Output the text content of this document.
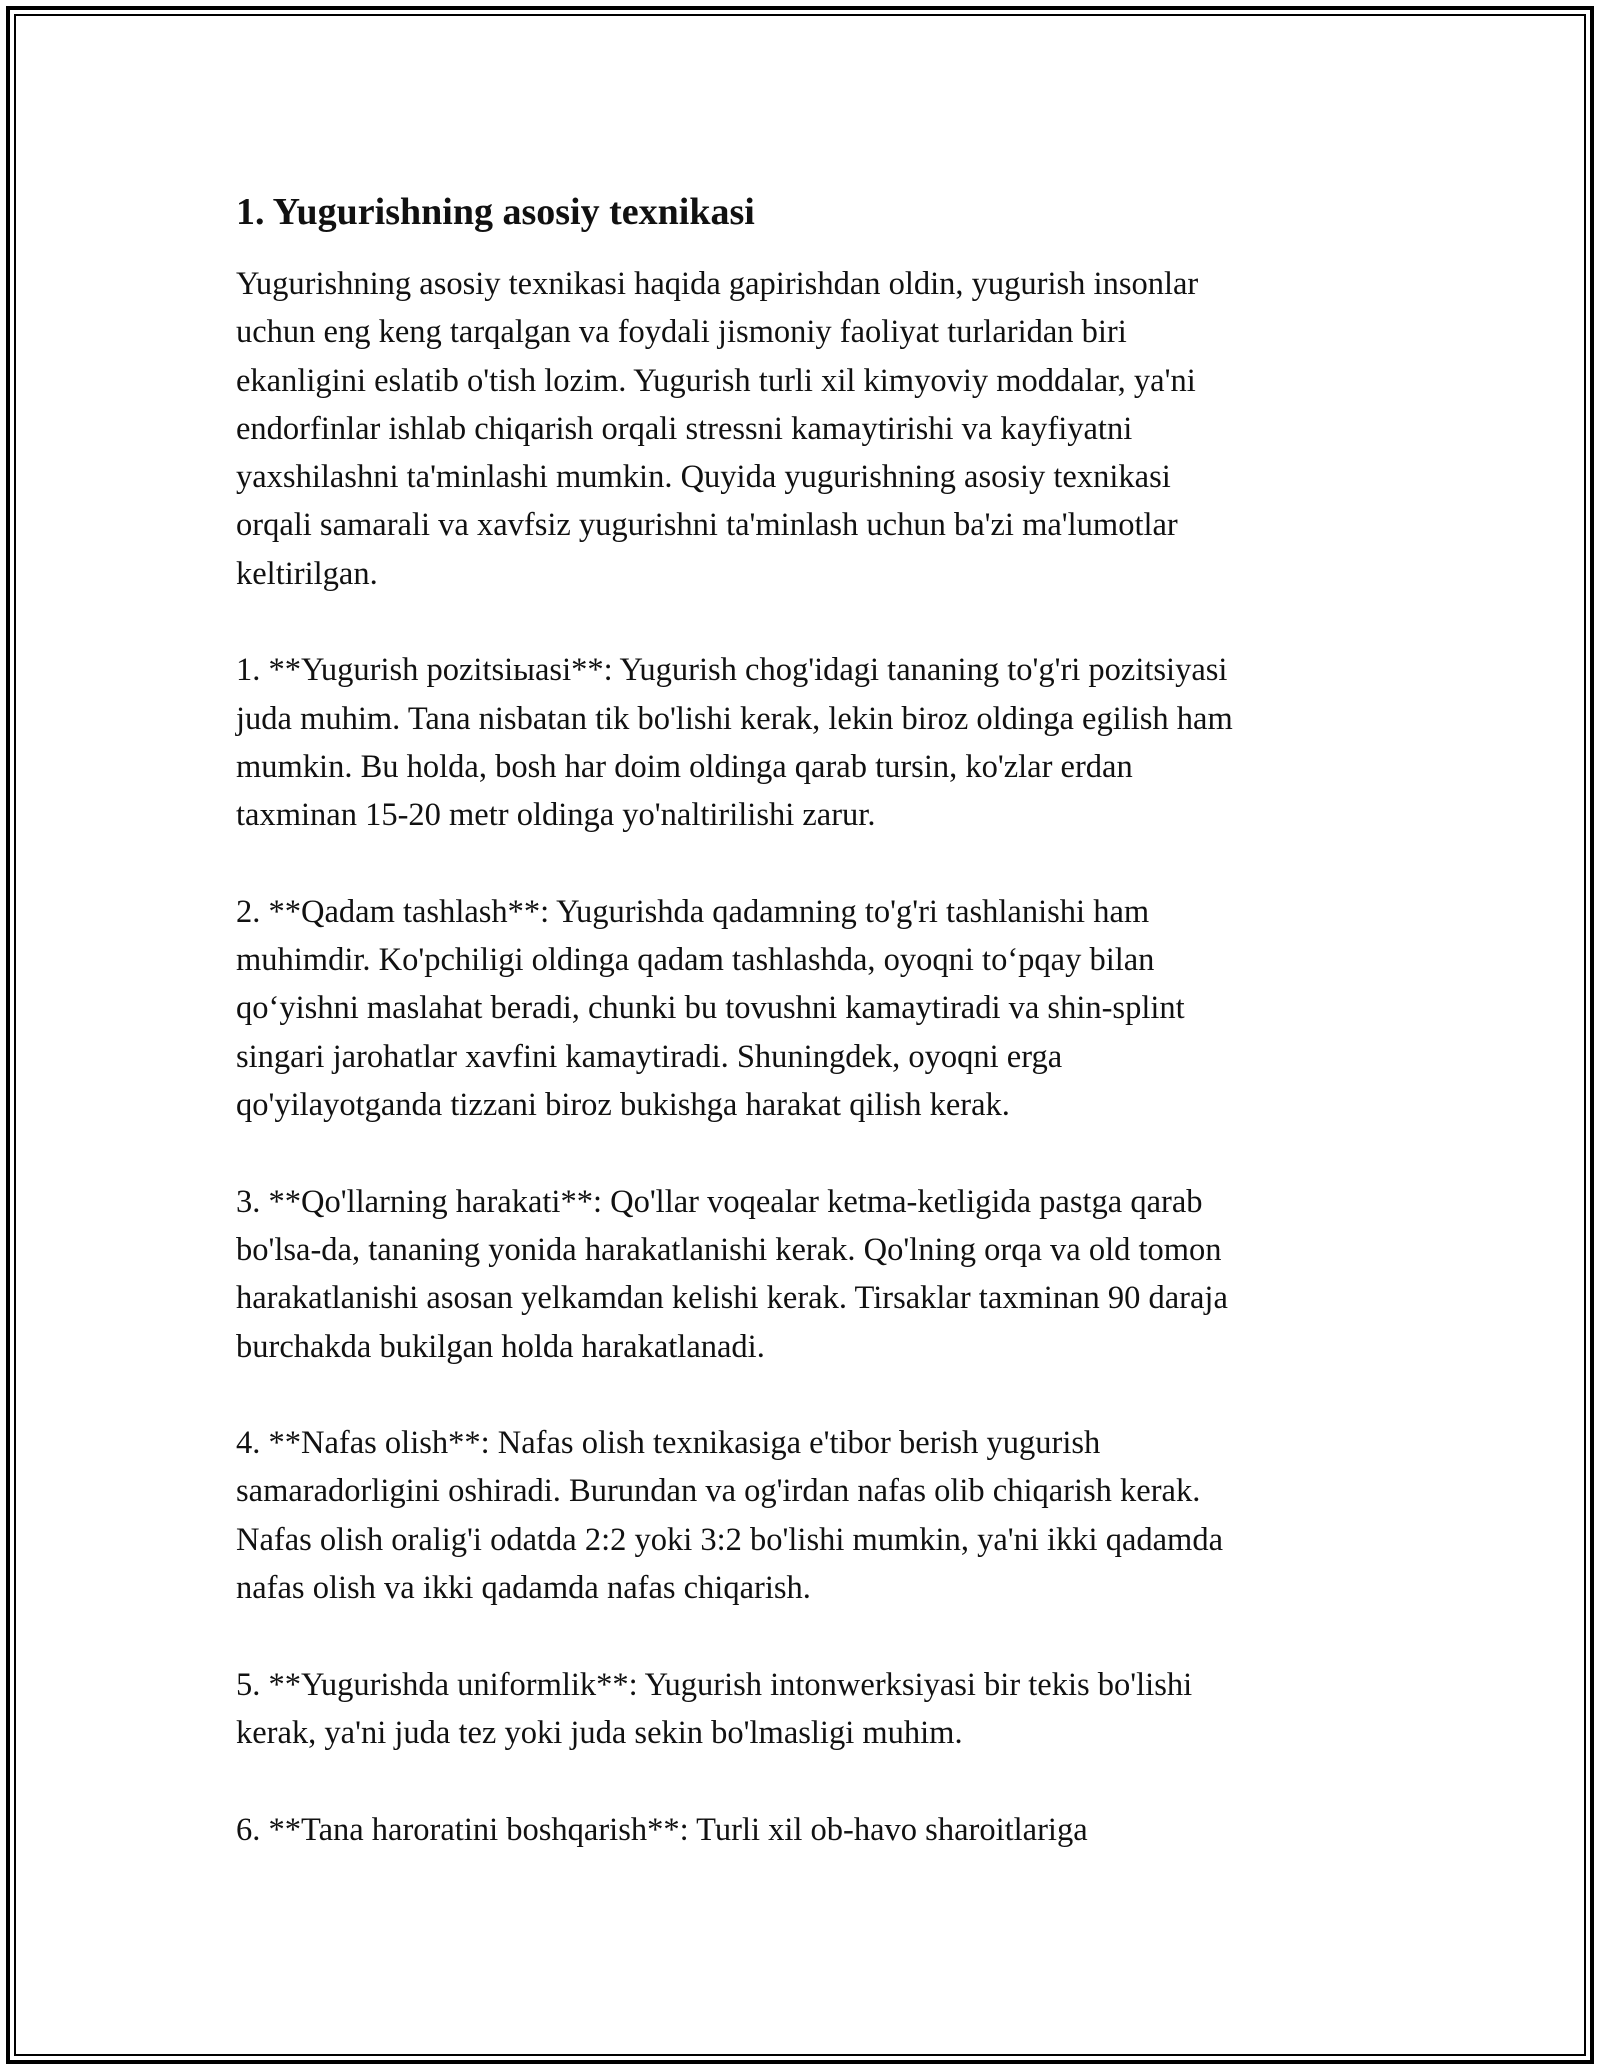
1. Yugurishning asosiy texnikasi

Yugurishning asosiy texnikasi haqida gapirishdan oldin, yugurish insonlar
uchun eng keng tarqalgan va foydali jismoniy faoliyat turlaridan biri
ekanligini eslatib o'tish lozim. Yugurish turli xil kimyoviy moddalar, ya'ni
endorfinlar ishlab chiqarish orqali stressni kamaytirishi va kayfiyatni
yaxshilashni ta'minlashi mumkin. Quyida yugurishning asosiy texnikasi
orqali samarali va xavfsiz yugurishni ta'minlash uchun ba'zi ma'lumotlar
keltirilgan.

1. **Yugurish pozitsiыasi**: Yugurish chog'idagi tananing to'g'ri pozitsiyasi
juda muhim. Tana nisbatan tik bo'lishi kerak, lekin biroz oldinga egilish ham
mumkin. Bu holda, bosh har doim oldinga qarab tursin, ko'zlar erdan
taxminan 15-20 metr oldinga yo'naltirilishi zarur.

2. **Qadam tashlash**: Yugurishda qadamning to'g'ri tashlanishi ham
muhimdir. Ko'pchiligi oldinga qadam tashlashda, oyoqni to‘pqay bilan
qo‘yishni maslahat beradi, chunki bu tovushni kamaytiradi va shin-splint
singari jarohatlar xavfini kamaytiradi. Shuningdek, oyoqni erga
qo'yilayotganda tizzani biroz bukishga harakat qilish kerak.

3. **Qo'llarning harakati**: Qo'llar voqealar ketma-ketligida pastga qarab
bo'lsa-da, tananing yonida harakatlanishi kerak. Qo'lning orqa va old tomon
harakatlanishi asosan yelkamdan kelishi kerak. Tirsaklar taxminan 90 daraja
burchakda bukilgan holda harakatlanadi.

4. **Nafas olish**: Nafas olish texnikasiga e'tibor berish yugurish
samaradorligini oshiradi. Burundan va og'irdan nafas olib chiqarish kerak.
Nafas olish oralig'i odatda 2:2 yoki 3:2 bo'lishi mumkin, ya'ni ikki qadamda
nafas olish va ikki qadamda nafas chiqarish.

5. **Yugurishda uniformlik**: Yugurish intonwerksiyasi bir tekis bo'lishi
kerak, ya'ni juda tez yoki juda sekin bo'lmasligi muhim.

6. **Tana haroratini boshqarish**: Turli xil ob-havo sharoitlariga
